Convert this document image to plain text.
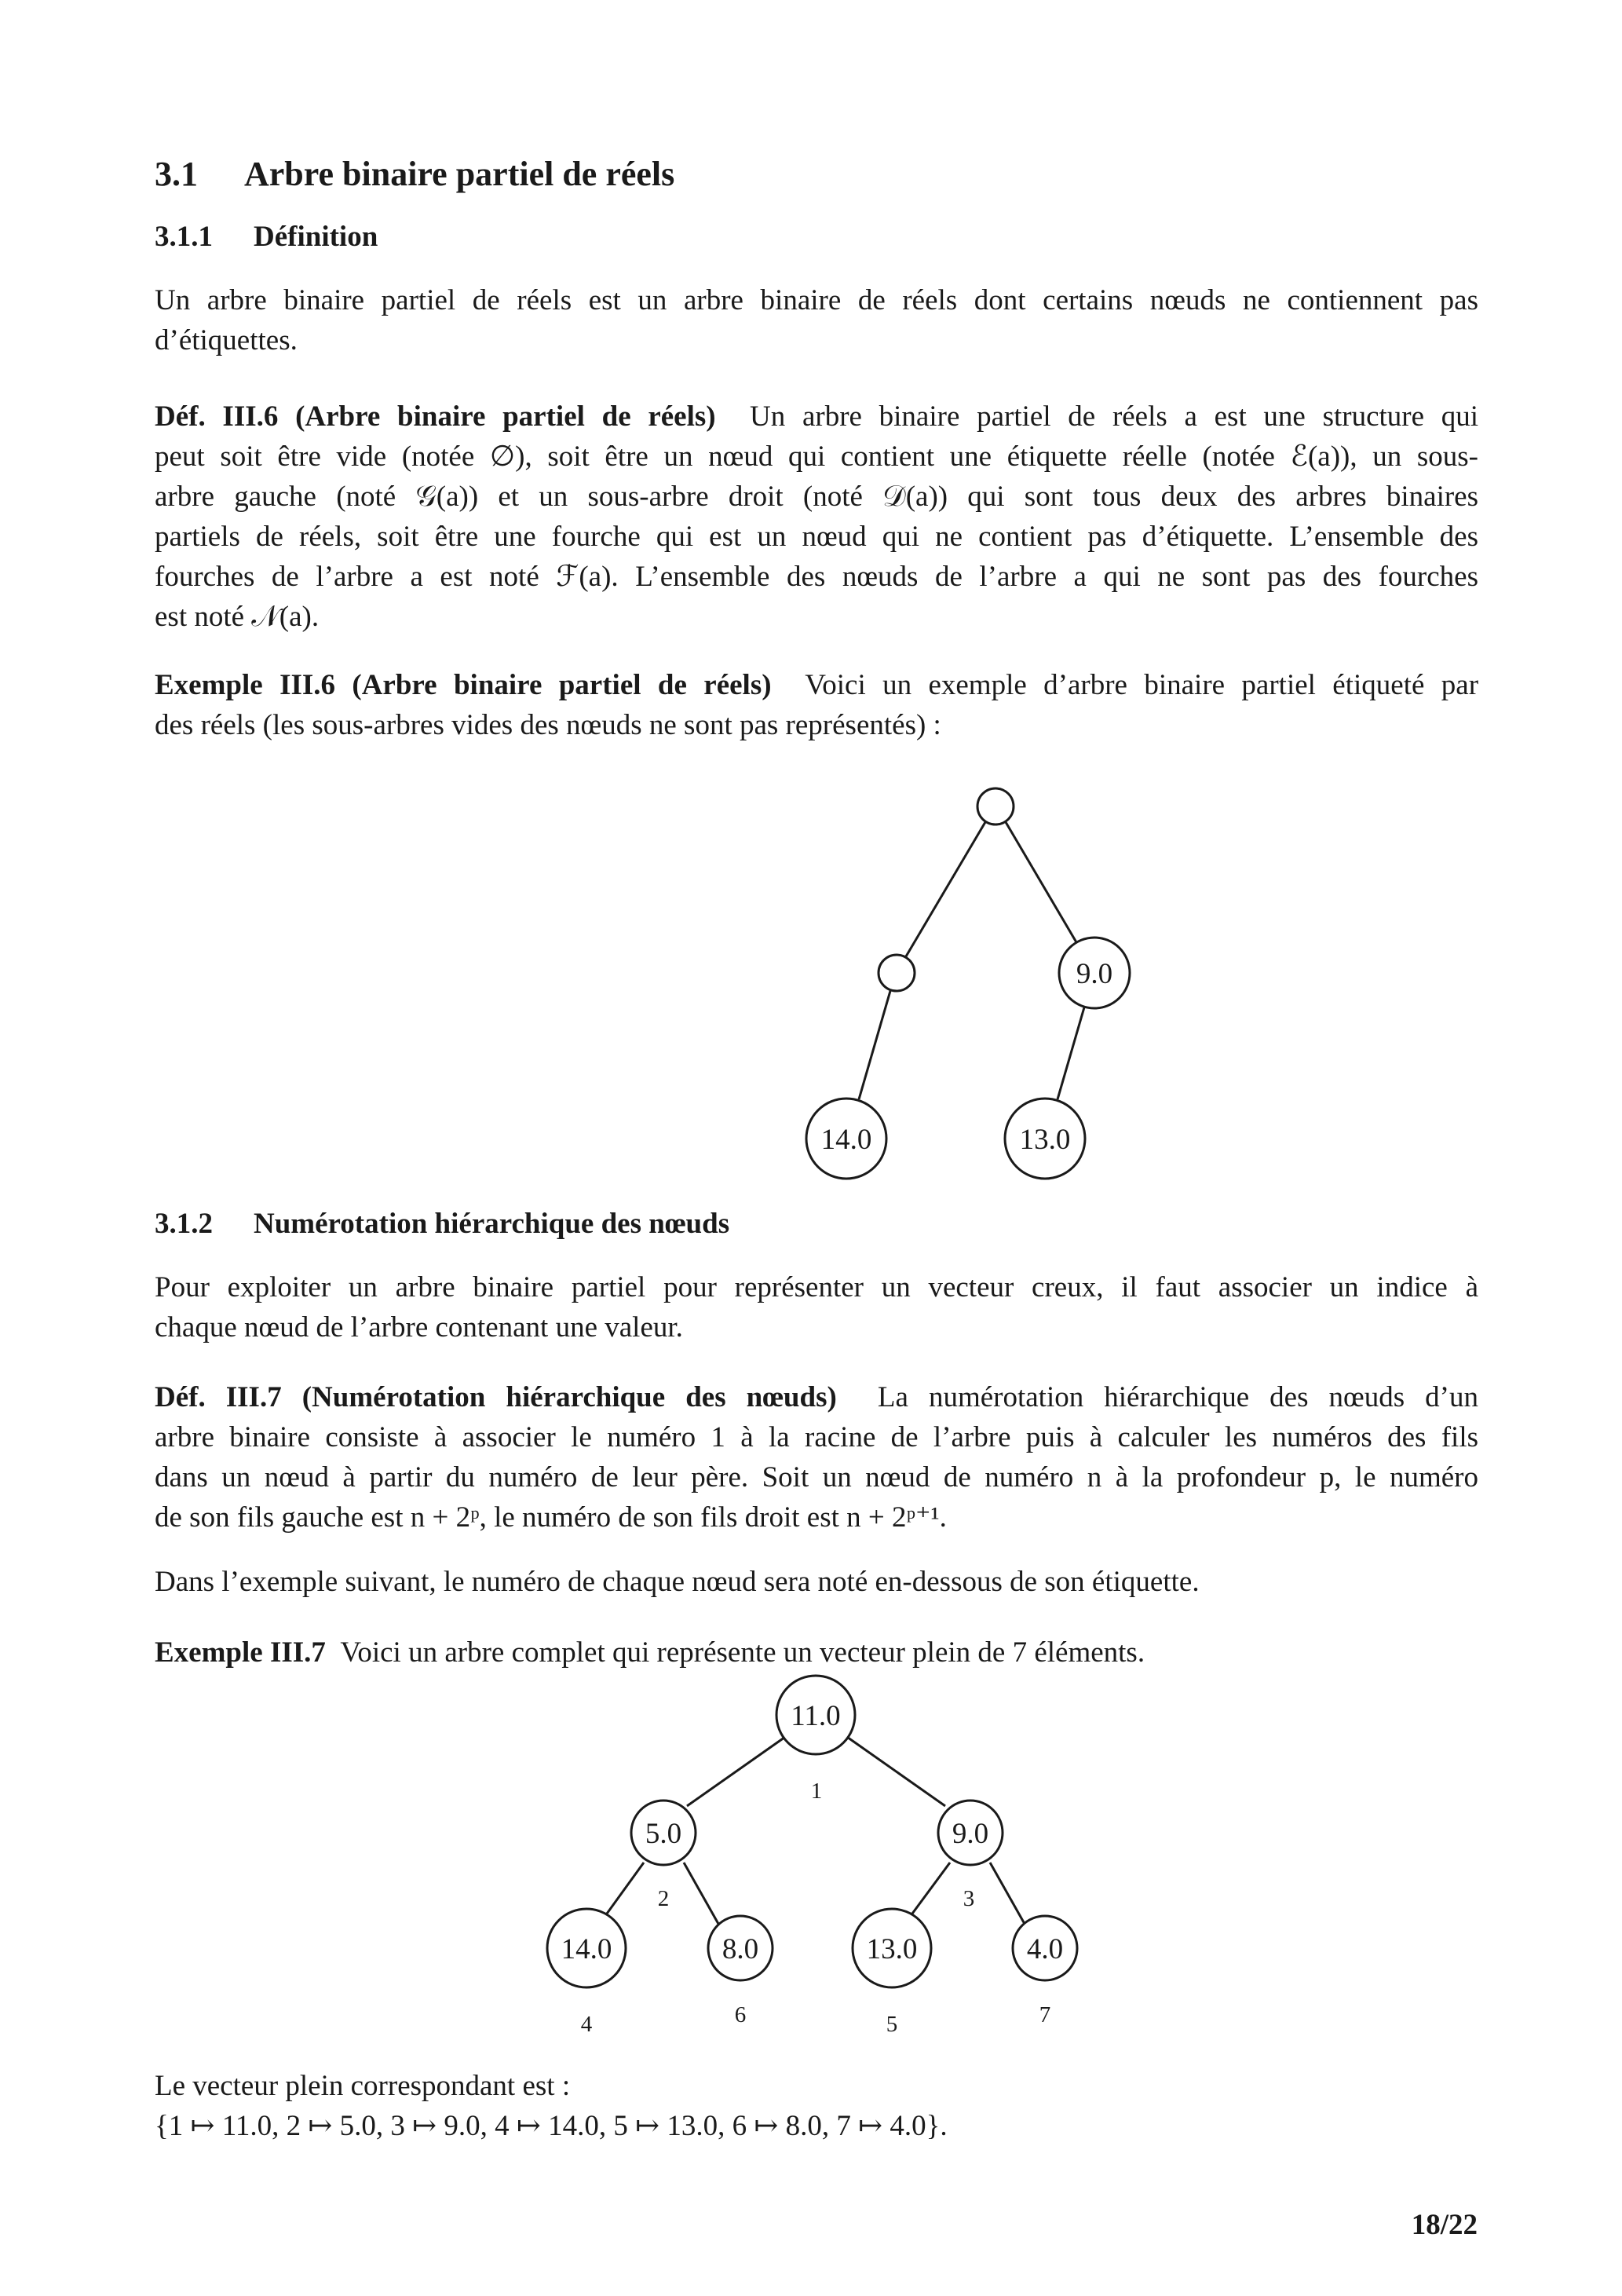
3.1 Arbre binaire partiel de réels
3.1.1 Définition
Un arbre binaire partiel de réels est un arbre binaire de réels dont certains nœuds ne contiennent pas
d’étiquettes.
Déf. III.6 (Arbre binaire partiel de réels) Un arbre binaire partiel de réels a est une structure qui
peut soit être vide (notée ∅), soit être un nœud qui contient une étiquette réelle (notée ℰ(a)), un sous-
arbre gauche (noté 𝒢(a)) et un sous-arbre droit (noté 𝒟(a)) qui sont tous deux des arbres binaires
partiels de réels, soit être une fourche qui est un nœud qui ne contient pas d’étiquette. L’ensemble des
fourches de l’arbre a est noté ℱ(a). L’ensemble des nœuds de l’arbre a qui ne sont pas des fourches
est noté 𝒩(a).
Exemple III.6 (Arbre binaire partiel de réels) Voici un exemple d’arbre binaire partiel étiqueté par
des réels (les sous-arbres vides des nœuds ne sont pas représentés) :
9.0
14.0	13.0
3.1.2 Numérotation hiérarchique des nœuds
Pour exploiter un arbre binaire partiel pour représenter un vecteur creux, il faut associer un indice à
chaque nœud de l’arbre contenant une valeur.
Déf. III.7 (Numérotation hiérarchique des nœuds) La numérotation hiérarchique des nœuds d’un
arbre binaire consiste à associer le numéro 1 à la racine de l’arbre puis à calculer les numéros des fils
dans un nœud à partir du numéro de leur père. Soit un nœud de numéro n à la profondeur p, le numéro
de son fils gauche est n + 2ᵖ, le numéro de son fils droit est n + 2ᵖ⁺¹.
Dans l’exemple suivant, le numéro de chaque nœud sera noté en-dessous de son étiquette.
Exemple III.7 Voici un arbre complet qui représente un vecteur plein de 7 éléments.
11.0
5.0	9.0
14.0	8.0	13.0	4.0
1
2	3
4	6	5	7
Le vecteur plein correspondant est :
{1 ↦ 11.0, 2 ↦ 5.0, 3 ↦ 9.0, 4 ↦ 14.0, 5 ↦ 13.0, 6 ↦ 8.0, 7 ↦ 4.0}.
18/22
